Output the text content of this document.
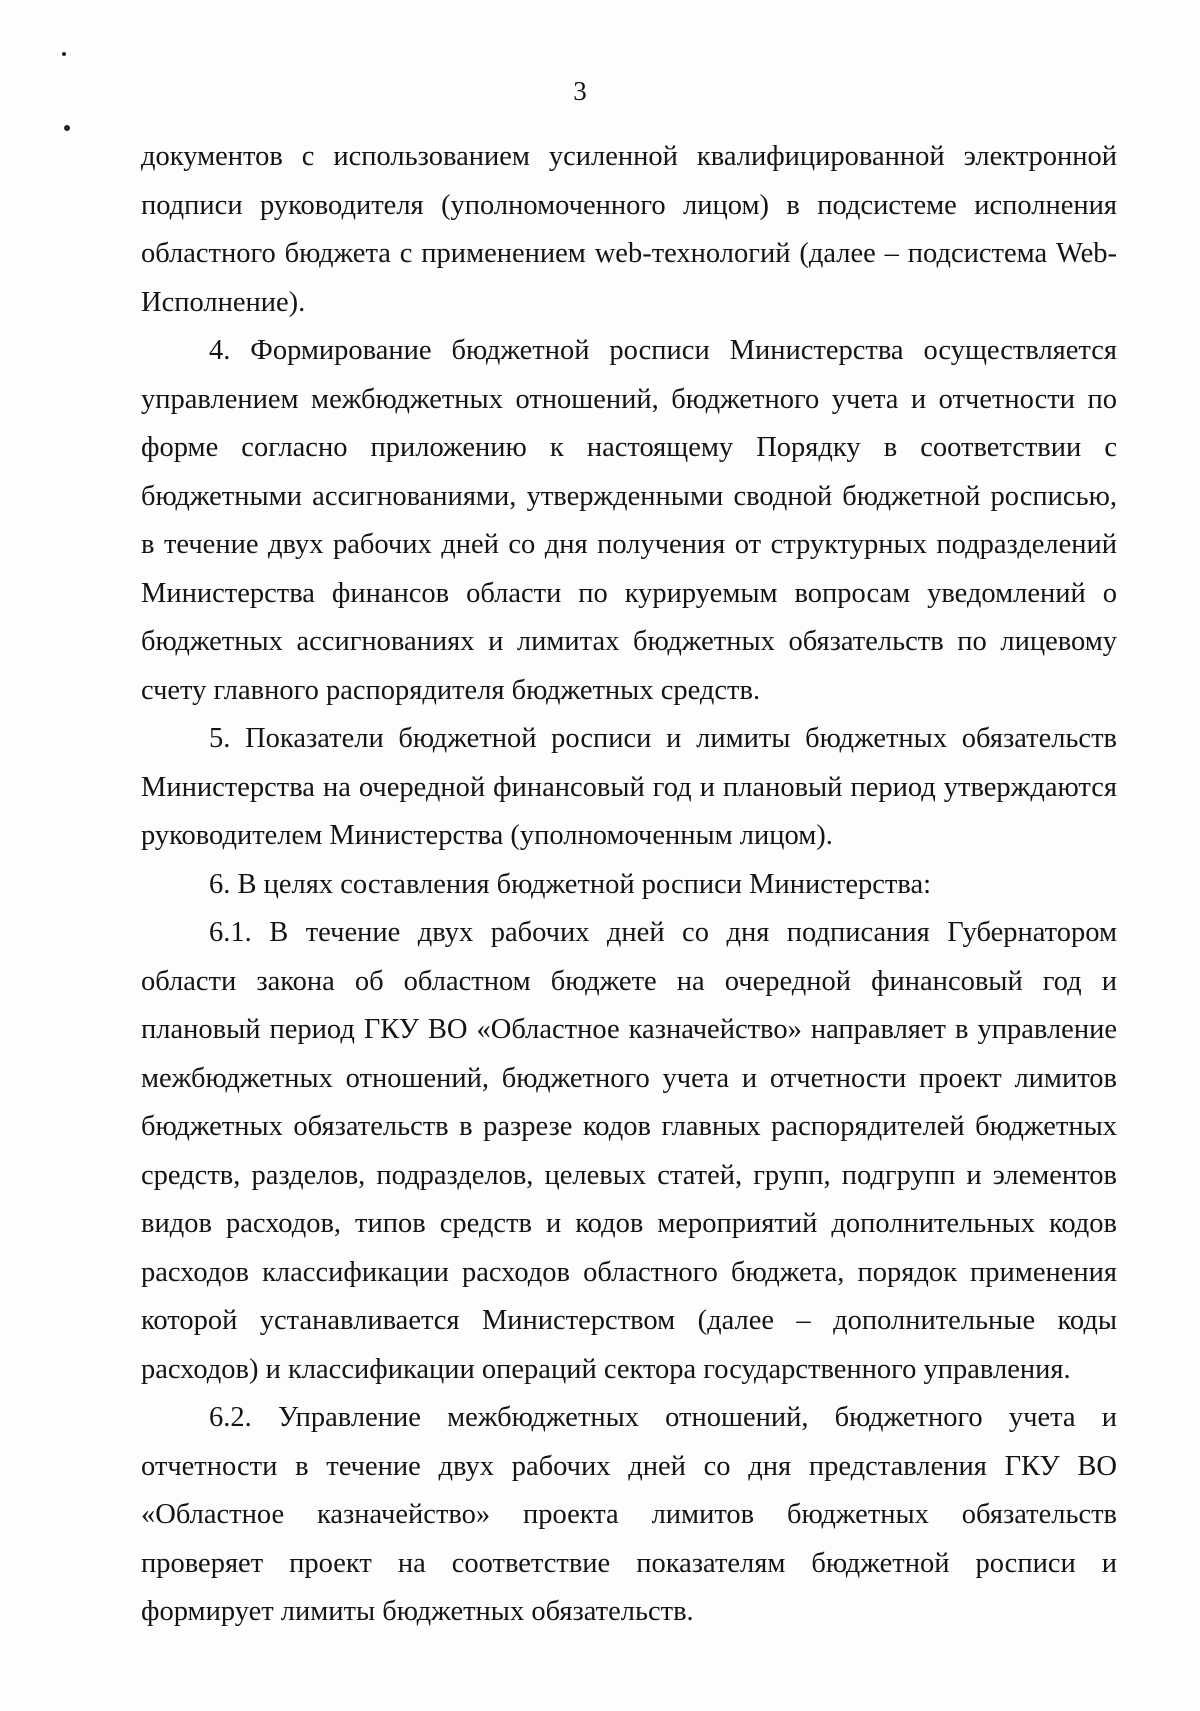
3

документов с использованием усиленной квалифицированной электронной подписи руководителя (уполномоченного лицом) в подсистеме исполнения областного бюджета с применением web-технологий (далее – подсистема Web-Исполнение).

4. Формирование бюджетной росписи Министерства осуществляется управлением межбюджетных отношений, бюджетного учета и отчетности по форме согласно приложению к настоящему Порядку в соответствии с бюджетными ассигнованиями, утвержденными сводной бюджетной росписью, в течение двух рабочих дней со дня получения от структурных подразделений Министерства финансов области по курируемым вопросам уведомлений о бюджетных ассигнованиях и лимитах бюджетных обязательств по лицевому счету главного распорядителя бюджетных средств.

5. Показатели бюджетной росписи и лимиты бюджетных обязательств Министерства на очередной финансовый год и плановый период утверждаются руководителем Министерства (уполномоченным лицом).

6. В целях составления бюджетной росписи Министерства:

6.1. В течение двух рабочих дней со дня подписания Губернатором области закона об областном бюджете на очередной финансовый год и плановый период ГКУ ВО «Областное казначейство» направляет в управление межбюджетных отношений, бюджетного учета и отчетности проект лимитов бюджетных обязательств в разрезе кодов главных распорядителей бюджетных средств, разделов, подразделов, целевых статей, групп, подгрупп и элементов видов расходов, типов средств и кодов мероприятий дополнительных кодов расходов классификации расходов областного бюджета, порядок применения которой устанавливается Министерством (далее – дополнительные коды расходов) и классификации операций сектора государственного управления.

6.2. Управление межбюджетных отношений, бюджетного учета и отчетности в течение двух рабочих дней со дня представления ГКУ ВО «Областное казначейство» проекта лимитов бюджетных обязательств проверяет проект на соответствие показателям бюджетной росписи и формирует лимиты бюджетных обязательств.
